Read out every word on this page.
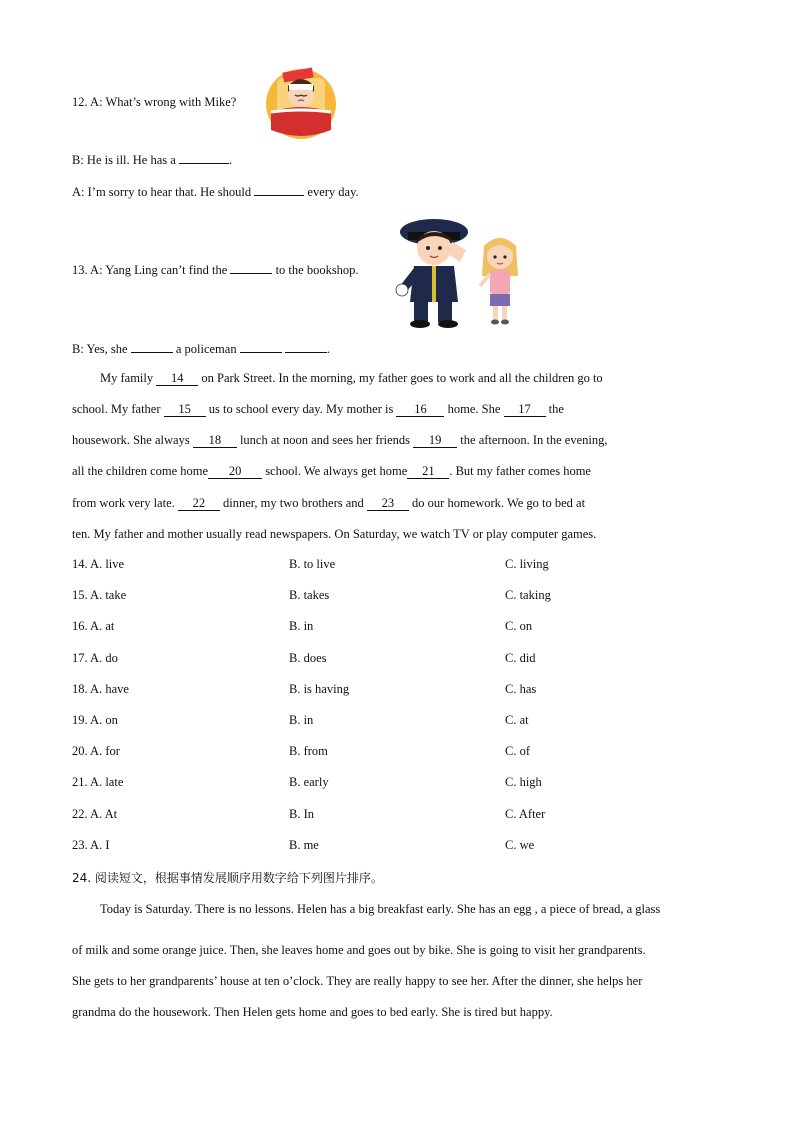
12. A: What’s wrong with Mike?
B: He is ill. He has a	.
A: I’m sorry to hear that. He should	every day.
13. A: Yang Ling can’t find the	to the bookshop.
B: Yes, she	a policeman	.
My family 14 on Park Street. In the morning, my father goes to work and all the children go to
school. My father 15 us to school every day. My mother is 16 home. She 17 the
housework. She always 18 lunch at noon and sees her friends 19 the afternoon. In the evening,
all the children come home 20 school. We always get home 21 . But my father comes home
from work very late. 22 dinner, my two brothers and 23 do our homework. We go to bed at
ten. My father and mother usually read newspapers. On Saturday, we watch TV or play computer games.
14. A. live	B. to live	C. living
15. A. take	B. takes	C. taking
16. A. at	B. in	C. on
17. A. do	B. does	C. did
18. A. have	B. is having	C. has
19. A. on	B. in	C. at
20. A. for	B. from	C. of
21. A. late	B. early	C. high
22. A. At	B. In	C. After
23. A. I	B. me	C. we
24. 阅读短文，根据事情发展顺序用数字给下列图片排序。
Today is Saturday. There is no lessons. Helen has a big breakfast early. She has an egg , a piece of bread, a glass
of milk and some orange juice. Then, she leaves home and goes out by bike. She is going to visit her grandparents.
She gets to her grandparents’ house at ten o’clock. They are really happy to see her. After the dinner, she helps her
grandma do the housework. Then Helen gets home and goes to bed early. She is tired but happy.
